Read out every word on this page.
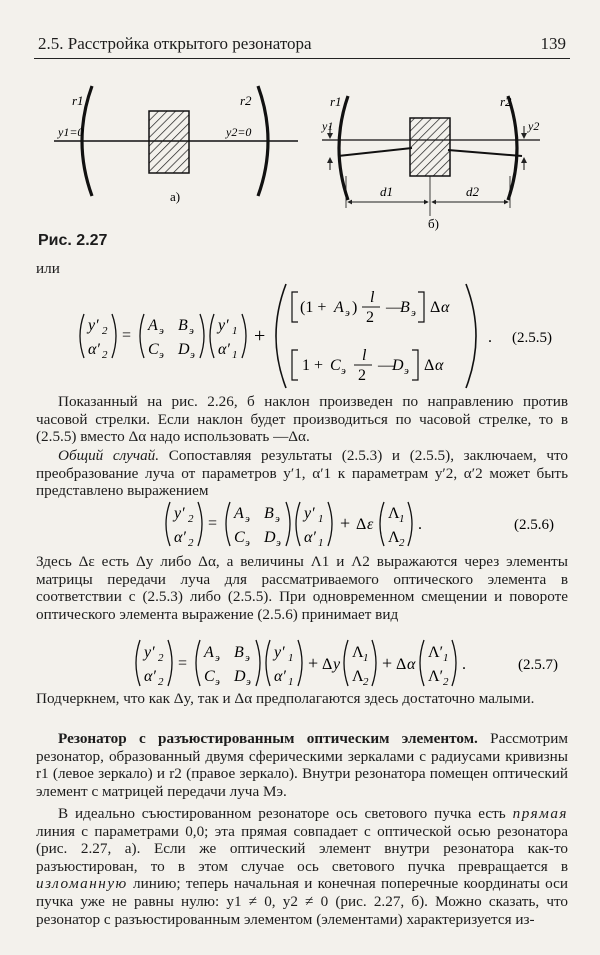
2.5. Расстройка открытого резонатора	139
r1	r2
y1=0	y2=0
а)
y1	y2
r1	r2
d1	d2
б)
Рис. 2.27
или
y′ 2
α′ 2
=
A э B э
C э D э
y′ 1
α′ 1
+
(1 + A э )
l
2
—
B э Δ α
1 + C э
l
2
—
D э Δ α
. (2.5.5)
Показанный на рис. 2.26, б наклон произведен по направлению против часовой стрелки. Если наклон будет производиться по часовой стрелке, то в (2.5.5) вместо Δα надо использовать —Δα.
Общий случай. Сопоставляя результаты (2.5.3) и (2.5.5), заключаем, что преобразование луча от параметров y′1, α′1 к параметрам y′2, α′2 может быть представлено выражением
y′ 2
α′ 2
=
A э B э
C э D э
y′ 1
α′ 1
+ Δ ε
Λ 1
Λ 2
.	(2.5.6)
Здесь Δε есть Δy либо Δα, а величины Λ1 и Λ2 выражаются через элементы матрицы передачи луча для рассматриваемого оптического элемента в соответствии с (2.5.3) либо (2.5.5). При одновременном смещении и повороте оптического элемента выражение (2.5.6) принимает вид
y′ 2
α′ 2
=
A э B э
C э D э
y′ 1
α′ 1
+ Δ y
Λ 1
Λ 2
+ Δ α
Λ′ 1
Λ′ 2
.	(2.5.7)
Подчеркнем, что как Δy, так и Δα предполагаются здесь достаточно малыми.
Резонатор с разъюстированным оптическим элементом. Рассмотрим резонатор, образованный двумя сферическими зеркалами с радиусами кривизны r1 (левое зеркало) и r2 (правое зеркало). Внутри резонатора помещен оптический элемент с матрицей передачи луча Mэ.
В идеально съюстированном резонаторе ось светового пучка есть прямая линия с параметрами 0,0; эта прямая совпадает с оптической осью резонатора (рис. 2.27, а). Если же оптический элемент внутри резонатора как-то разъюстирован, то в этом случае ось светового пучка превращается в изломанную линию; теперь начальная и конечная поперечные координаты оси пучка уже не равны нулю: y1 ≠ 0, y2 ≠ 0 (рис. 2.27, б). Можно сказать, что резонатор с разъюстированным элементом (элементами) характеризуется из-
